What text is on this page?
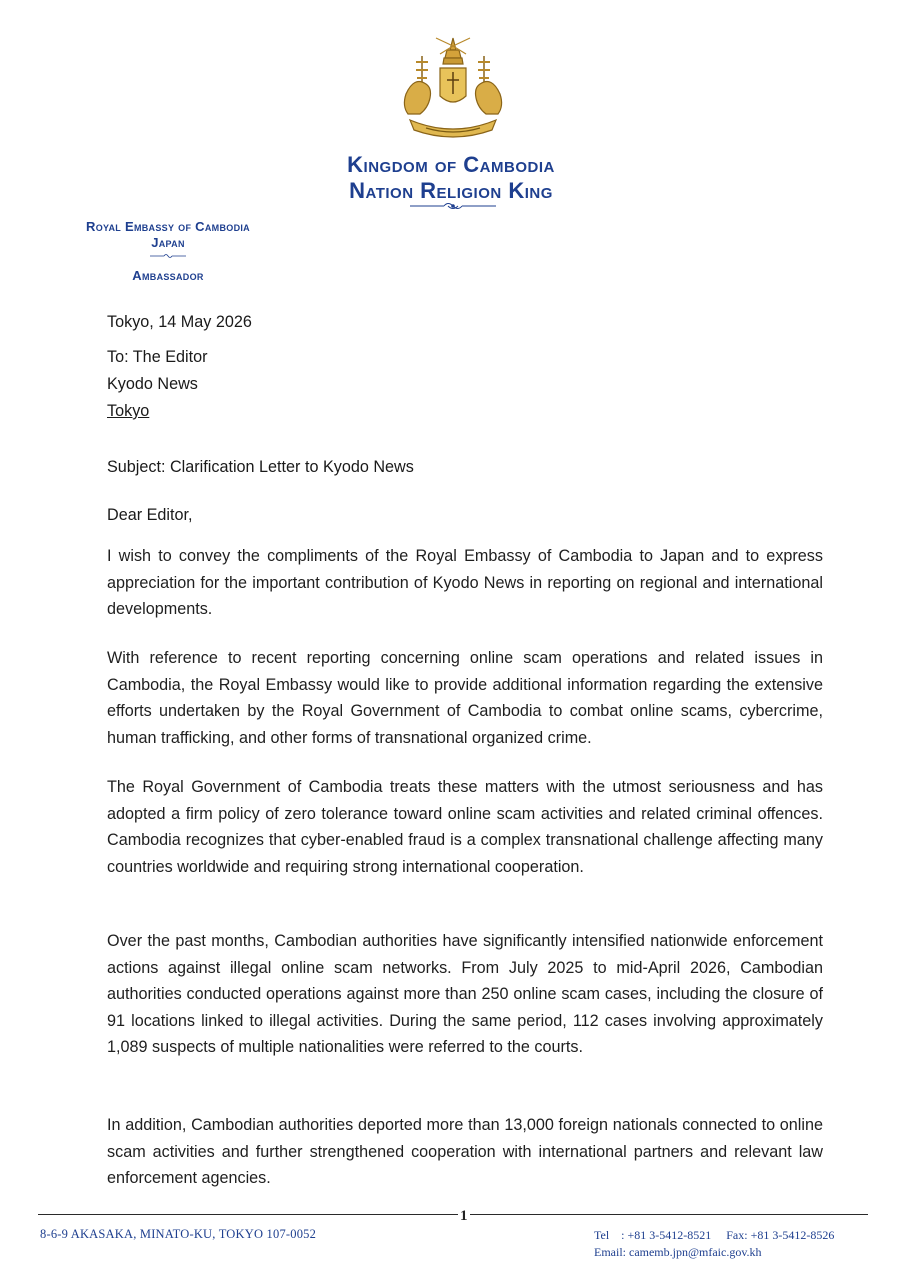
Kingdom of Cambodia
Nation Religion King
Royal Embassy of Cambodia
Japan
Ambassador
Tokyo, 14 May 2026
To: The Editor
Kyodo News
Tokyo
Subject: Clarification Letter to Kyodo News
Dear Editor,
I wish to convey the compliments of the Royal Embassy of Cambodia to Japan and to express appreciation for the important contribution of Kyodo News in reporting on regional and international developments.
With reference to recent reporting concerning online scam operations and related issues in Cambodia, the Royal Embassy would like to provide additional information regarding the extensive efforts undertaken by the Royal Government of Cambodia to combat online scams, cybercrime, human trafficking, and other forms of transnational organized crime.
The Royal Government of Cambodia treats these matters with the utmost seriousness and has adopted a firm policy of zero tolerance toward online scam activities and related criminal offences. Cambodia recognizes that cyber-enabled fraud is a complex transnational challenge affecting many countries worldwide and requiring strong international cooperation.
Over the past months, Cambodian authorities have significantly intensified nationwide enforcement actions against illegal online scam networks. From July 2025 to mid-April 2026, Cambodian authorities conducted operations against more than 250 online scam cases, including the closure of 91 locations linked to illegal activities. During the same period, 112 cases involving approximately 1,089 suspects of multiple nationalities were referred to the courts.
In addition, Cambodian authorities deported more than 13,000 foreign nationals connected to online scam activities and further strengthened cooperation with international partners and relevant law enforcement agencies.
1
8-6-9 AKASAKA, MINATO-KU, TOKYO 107-0052	Tel    : +81 3-5412-8521     Fax: +81 3-5412-8526
Email: camemb.jpn@mfaic.gov.kh
